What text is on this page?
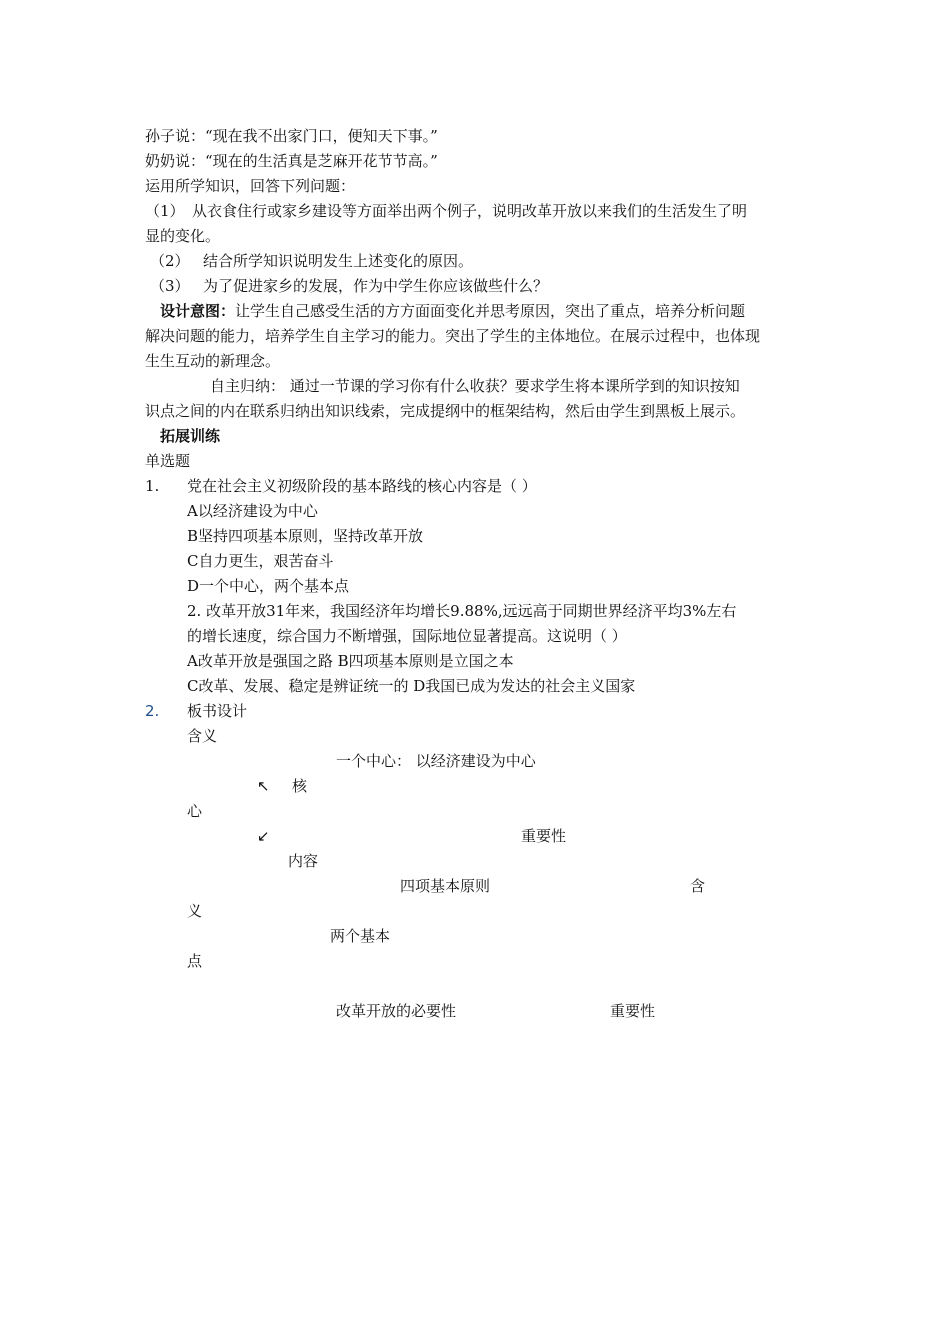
孙子说：“现在我不出家门口，便知天下事。”
奶奶说：“现在的生活真是芝麻开花节节高。”
运用所学知识，回答下列问题：
（1） 从衣食住行或家乡建设等方面举出两个例子，说明改革开放以来我们的生活发生了明
显的变化。
（2） 结合所学知识说明发生上述变化的原因。
（3） 为了促进家乡的发展，作为中学生你应该做些什么？
设计意图：让学生自己感受生活的方方面面变化并思考原因，突出了重点，培养分析问题
解决问题的能力，培养学生自主学习的能力。突出了学生的主体地位。在展示过程中，也体现
生生互动的新理念。
自主归纳： 通过一节课的学习你有什么收获？要求学生将本课所学到的知识按知
识点之间的内在联系归纳出知识线索，完成提纲中的框架结构，然后由学生到黑板上展示。
拓展训练
单选题
1. 党在社会主义初级阶段的基本路线的核心内容是（ ）
A以经济建设为中心
B坚持四项基本原则，坚持改革开放
C自力更生，艰苦奋斗
D一个中心，两个基本点
2. 改革开放31年来，我国经济年均增长9.88%,远远高于同期世界经济平均3%左右
的增长速度，综合国力不断增强，国际地位显著提高。这说明（ ）
A改革开放是强国之路 B四项基本原则是立国之本
C改革、发展、稳定是辨证统一的 D我国已成为发达的社会主义国家
2. 板书设计
含义
一个中心： 以经济建设为中心
↖ 核
心
↙	重要性
内容
四项基本原则	含
义
两个基本
点
改革开放的必要性	重要性
